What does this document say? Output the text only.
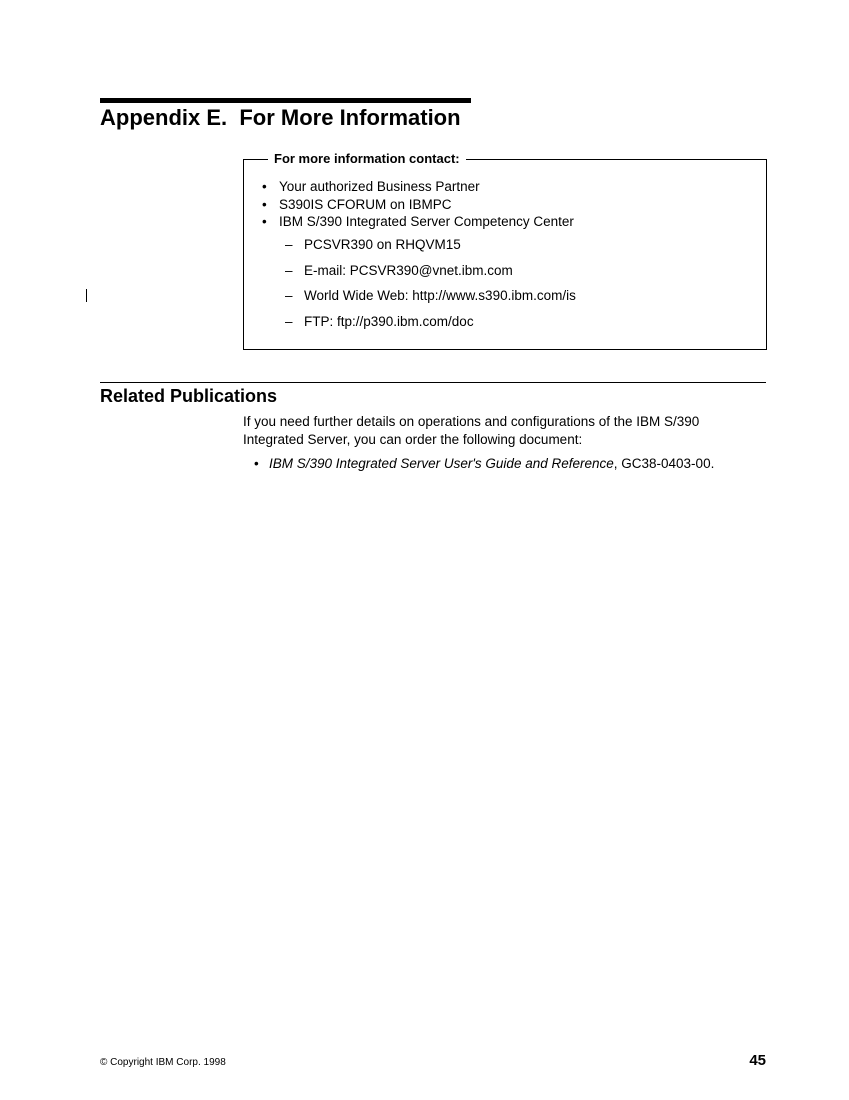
Appendix E.  For More Information
For more information contact:
• Your authorized Business Partner
• S390IS CFORUM on IBMPC
• IBM S/390 Integrated Server Competency Center
– PCSVR390 on RHQVM15
– E-mail: PCSVR390@vnet.ibm.com
– World Wide Web: http://www.s390.ibm.com/is
– FTP: ftp://p390.ibm.com/doc
Related Publications
If you need further details on operations and configurations of the IBM S/390 Integrated Server, you can order the following document:
• IBM S/390 Integrated Server User's Guide and Reference, GC38-0403-00.
© Copyright IBM Corp. 1998	45
